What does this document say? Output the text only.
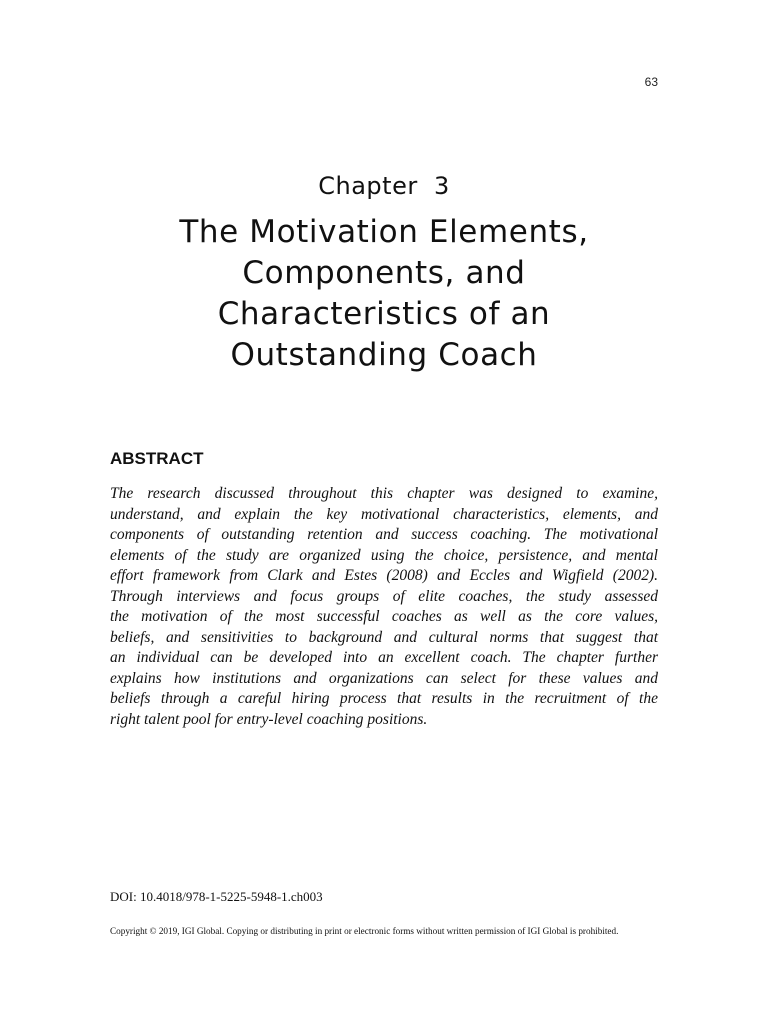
63
Chapter  3
The Motivation Elements,
Components, and
Characteristics of an
Outstanding Coach
ABSTRACT
The research discussed throughout this chapter was designed to examine,
understand, and explain the key motivational characteristics, elements, and
components of outstanding retention and success coaching. The motivational
elements of the study are organized using the choice, persistence, and mental
effort framework from Clark and Estes (2008) and Eccles and Wigfield (2002).
Through interviews and focus groups of elite coaches, the study assessed
the motivation of the most successful coaches as well as the core values,
beliefs, and sensitivities to background and cultural norms that suggest that
an individual can be developed into an excellent coach. The chapter further
explains how institutions and organizations can select for these values and
beliefs through a careful hiring process that results in the recruitment of the
right talent pool for entry-level coaching positions.
DOI: 10.4018/978-1-5225-5948-1.ch003
Copyright © 2019, IGI Global. Copying or distributing in print or electronic forms without written permission of IGI Global is prohibited.
